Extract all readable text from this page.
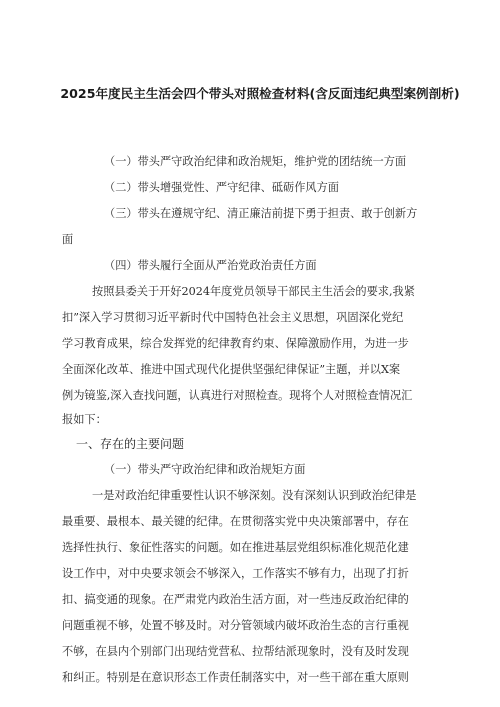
2025年度民主生活会四个带头对照检查材料(含反面违纪典型案例剖析)
（一）带头严守政治纪律和政治规矩，维护党的团结统一方面
（二）带头增强党性、严守纪律、砥砺作风方面
（三）带头在遵规守纪、清正廉洁前提下勇于担责、敢于创新方
面
（四）带头履行全面从严治党政治责任方面
按照县委关于开好2024年度党员领导干部民主生活会的要求,我紧
扣”深入学习贯彻习近平新时代中国特色社会主义思想，巩固深化党纪
学习教育成果，综合发挥党的纪律教育约束、保障激励作用，为进一步
全面深化改革、推进中国式现代化提供坚强纪律保证”主题，并以X案
例为镜鉴,深入查找问题，认真进行对照检查。现将个人对照检查情况汇
报如下：
一、存在的主要问题
（一）带头严守政治纪律和政治规矩方面
一是对政治纪律重要性认识不够深刻。没有深刻认识到政治纪律是
最重要、最根本、最关键的纪律。在贯彻落实党中央决策部署中，存在
选择性执行、象征性落实的问题。如在推进基层党组织标准化规范化建
设工作中，对中央要求领会不够深入，工作落实不够有力，出现了打折
扣、搞变通的现象。在严肃党内政治生活方面，对一些违反政治纪律的
问题重视不够，处置不够及时。对分管领域内破坏政治生态的言行重视
不够，在县内个别部门出现结党营私、拉帮结派现象时，没有及时发现
和纠正。特别是在意识形态工作责任制落实中，对一些干部在重大原则
